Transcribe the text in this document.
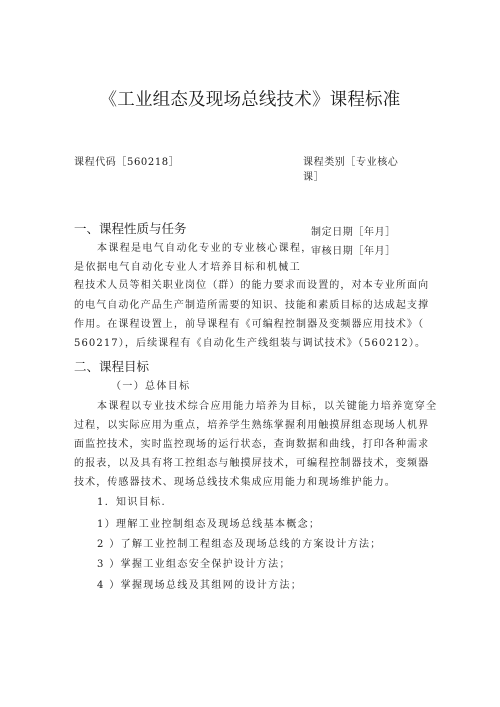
《工业组态及现场总线技术》课程标准
课程代码［560218］	课程类别［专业核心
课］
制定日期［年月］
审核日期［年月］
一、课程性质与任务
本课程是电气自动化专业的专业核心课程，
是依据电气自动化专业人才培养目标和机械工
程技术人员等相关职业岗位（群）的能力要求而设置的，对本专业所面向
的电气自动化产品生产制造所需要的知识、技能和素质目标的达成起支撑
作用。在课程设置上，前导课程有《可编程控制器及变频器应用技术》（
560217），后续课程有《自动化生产线组装与调试技术》（560212）。
二、课程目标
（一）总体目标
本课程以专业技术综合应用能力培养为目标，以关键能力培养宽穿全
过程，以实际应用为重点，培养学生熟练掌握利用触摸屏组态现场人机界
面监控技术，实时监控现场的运行状态，查询数据和曲线，打印各种需求
的报表，以及具有将工控组态与触摸屏技术，可编程控制器技术，变频器
技术，传感器技术、现场总线技术集成应用能力和现场维护能力。
1．知识目标.
1）理解工业控制组态及现场总线基本概念；
2 ）了解工业控制工程组态及现场总线的方案设计方法；
3 ）掌握工业组态安全保护设计方法；
4 ）掌握现场总线及其组网的设计方法；
